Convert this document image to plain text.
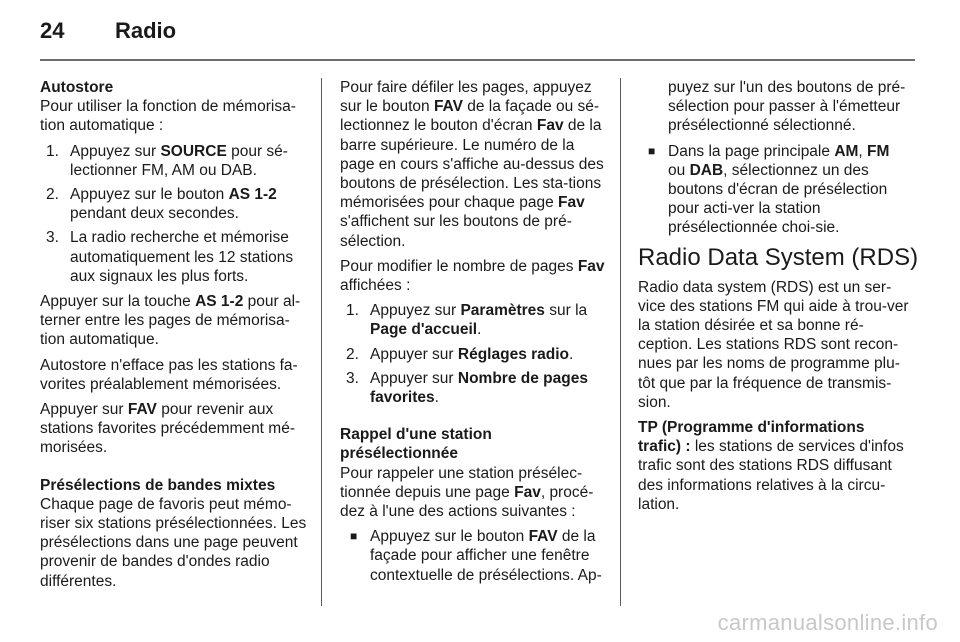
24 Radio

Autostore

Pour utiliser la fonction de mémorisa-tion automatique :

1. Appuyez sur SOURCE pour sé-lectionner FM, AM ou DAB.
2. Appuyez sur le bouton AS 1-2 pendant deux secondes.
3. La radio recherche et mémorise automatiquement les 12 stations aux signaux les plus forts.

Appuyer sur la touche AS 1-2 pour al-terner entre les pages de mémorisa-tion automatique.

Autostore n'efface pas les stations fa-vorites préalablement mémorisées.

Appuyer sur FAV pour revenir aux stations favorites précédemment mé-morisées.

Présélections de bandes mixtes

Chaque page de favoris peut mémo-riser six stations présélectionnées. Les présélections dans une page peuvent provenir de bandes d'ondes radio différentes.

Pour faire défiler les pages, appuyez sur le bouton FAV de la façade ou sé-lectionnez le bouton d'écran Fav de la barre supérieure. Le numéro de la page en cours s'affiche au-dessus des boutons de présélection. Les sta-tions mémorisées pour chaque page Fav s'affichent sur les boutons de pré-sélection.

Pour modifier le nombre de pages Fav affichées :

1. Appuyez sur Paramètres sur la Page d'accueil.
2. Appuyer sur Réglages radio.
3. Appuyer sur Nombre de pages favorites.

Rappel d'une station présélectionnée

Pour rappeler une station présélec-tionnée depuis une page Fav, procé-dez à l'une des actions suivantes :

■ Appuyez sur le bouton FAV de la façade pour afficher une fenêtre contextuelle de présélections. Ap-

puyez sur l'un des boutons de pré-sélection pour passer à l'émetteur présélectionné sélectionné.

■ Dans la page principale AM, FM ou DAB, sélectionnez un des boutons d'écran de présélection pour acti-ver la station présélectionnée choi-sie.

Radio Data System (RDS)

Radio data system (RDS) est un ser-vice des stations FM qui aide à trou-ver la station désirée et sa bonne ré-ception. Les stations RDS sont recon-nues par les noms de programme plu-tôt que par la fréquence de transmis-sion.

TP (Programme d'informations trafic) : les stations de services d'infos trafic sont des stations RDS diffusant des informations relatives à la circu-lation.

carmanualsonline.info
